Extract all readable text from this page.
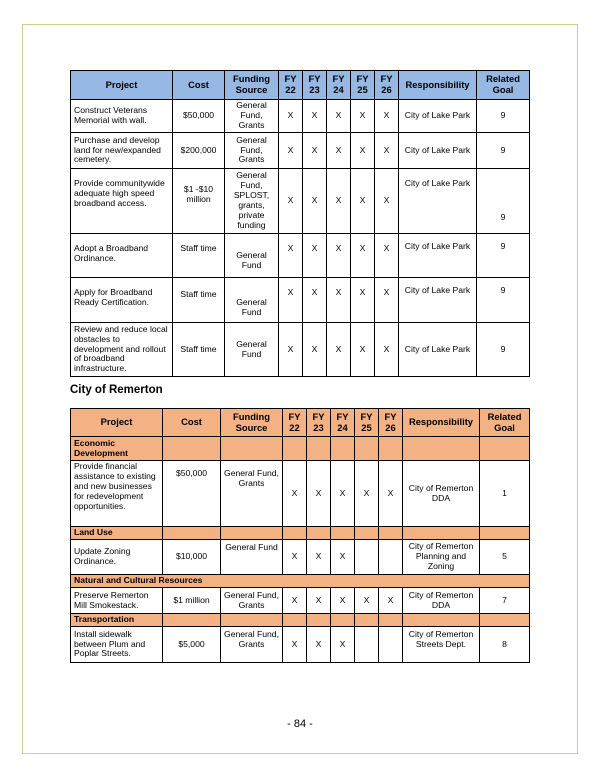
Project	Cost	Funding Source	FY 22	FY 23	FY 24	FY 25	FY 26	Responsibility	Related Goal
Construct Veterans Memorial with wall.	$50,000	General Fund, Grants	X	X	X	X	X	City of Lake Park	9
Purchase and develop land for new/expanded cemetery.	$200,000	General Fund, Grants	X	X	X	X	X	City of Lake Park	9
Provide communitywide adequate high speed broadband access.	$1 -$10 million	General Fund, SPLOST, grants, private funding	X	X	X	X	X	City of Lake Park	9
Adopt a Broadband Ordinance.	Staff time	General Fund	X	X	X	X	X	City of Lake Park	9
Apply for Broadband Ready Certification.	Staff time	General Fund	X	X	X	X	X	City of Lake Park	9
Review and reduce local obstacles to development and rollout of broadband infrastructure.	Staff time	General Fund	X	X	X	X	X	City of Lake Park	9
City of Remerton
Project	Cost	Funding Source	FY 22	FY 23	FY 24	FY 25	FY 26	Responsibility	Related Goal
Economic Development									
Provide financial assistance to existing and new businesses for redevelopment opportunities.	$50,000	General Fund, Grants	X	X	X	X	X	City of Remerton DDA	1
Land Use									
Update Zoning Ordinance.	$10,000	General Fund	X	X	X			City of Remerton Planning and Zoning	5
Natural and Cultural Resources									
Preserve Remerton Mill Smokestack.	$1 million	General Fund, Grants	X	X	X	X	X	City of Remerton DDA	7
Transportation									
Install sidewalk between Plum and Poplar Streets.	$5,000	General Fund, Grants	X	X	X			City of Remerton Streets Dept.	8
- 84 -
